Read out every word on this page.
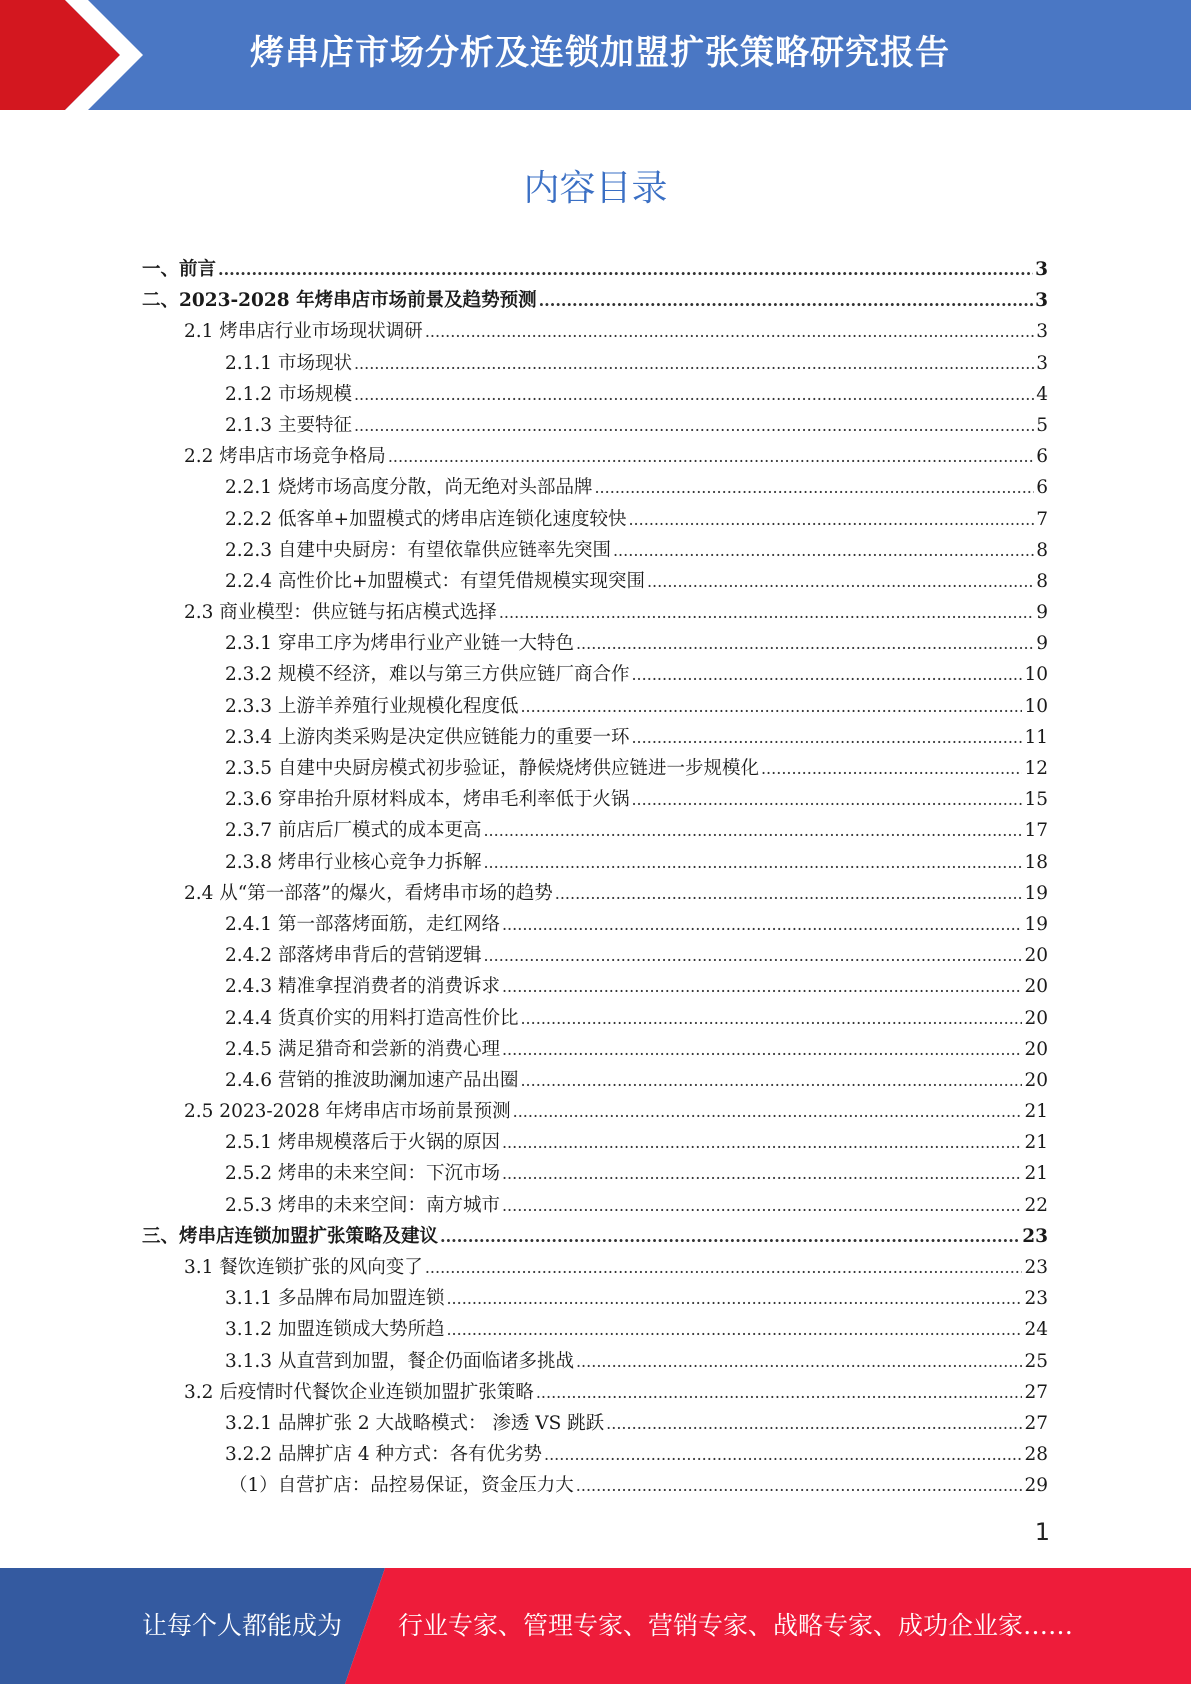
烤串店市场分析及连锁加盟扩张策略研究报告
内容目录
一、前言 .....	3
二、2023-2028 年烤串店市场前景及趋势预测 .....	3
2.1 烤串店行业市场现状调研 .....	3
2.1.1 市场现状 .....	3
2.1.2 市场规模 .....	4
2.1.3 主要特征 .....	5
2.2 烤串店市场竞争格局 .....	6
2.2.1 烧烤市场高度分散，尚无绝对头部品牌 .....	6
2.2.2 低客单+加盟模式的烤串店连锁化速度较快 .....	7
2.2.3 自建中央厨房：有望依靠供应链率先突围 .....	8
2.2.4 高性价比+加盟模式：有望凭借规模实现突围 .....	8
2.3 商业模型：供应链与拓店模式选择 .....	9
2.3.1 穿串工序为烤串行业产业链一大特色 .....	9
2.3.2 规模不经济，难以与第三方供应链厂商合作 .....	10
2.3.3 上游羊养殖行业规模化程度低 .....	10
2.3.4 上游肉类采购是决定供应链能力的重要一环 .....	11
2.3.5 自建中央厨房模式初步验证，静候烧烤供应链进一步规模化 .....	12
2.3.6 穿串抬升原材料成本，烤串毛利率低于火锅 .....	15
2.3.7 前店后厂模式的成本更高 .....	17
2.3.8 烤串行业核心竞争力拆解 .....	18
2.4 从“第一部落”的爆火，看烤串市场的趋势 .....	19
2.4.1 第一部落烤面筋，走红网络 .....	19
2.4.2 部落烤串背后的营销逻辑 .....	20
2.4.3 精准拿捏消费者的消费诉求 .....	20
2.4.4 货真价实的用料打造高性价比 .....	20
2.4.5 满足猎奇和尝新的消费心理 .....	20
2.4.6 营销的推波助澜加速产品出圈 .....	20
2.5 2023-2028 年烤串店市场前景预测 .....	21
2.5.1 烤串规模落后于火锅的原因 .....	21
2.5.2 烤串的未来空间：下沉市场 .....	21
2.5.3 烤串的未来空间：南方城市 .....	22
三、烤串店连锁加盟扩张策略及建议 .....	23
3.1 餐饮连锁扩张的风向变了 .....	23
3.1.1 多品牌布局加盟连锁 .....	23
3.1.2 加盟连锁成大势所趋 .....	24
3.1.3 从直营到加盟，餐企仍面临诸多挑战 .....	25
3.2 后疫情时代餐饮企业连锁加盟扩张策略 .....	27
3.2.1 品牌扩张 2 大战略模式： 渗透 VS 跳跃 .....	27
3.2.2 品牌扩店 4 种方式：各有优劣势 .....	28
（1）自营扩店：品控易保证，资金压力大 .....	29
1
让每个人都能成为 行业专家、管理专家、营销专家、战略专家、成功企业家……
